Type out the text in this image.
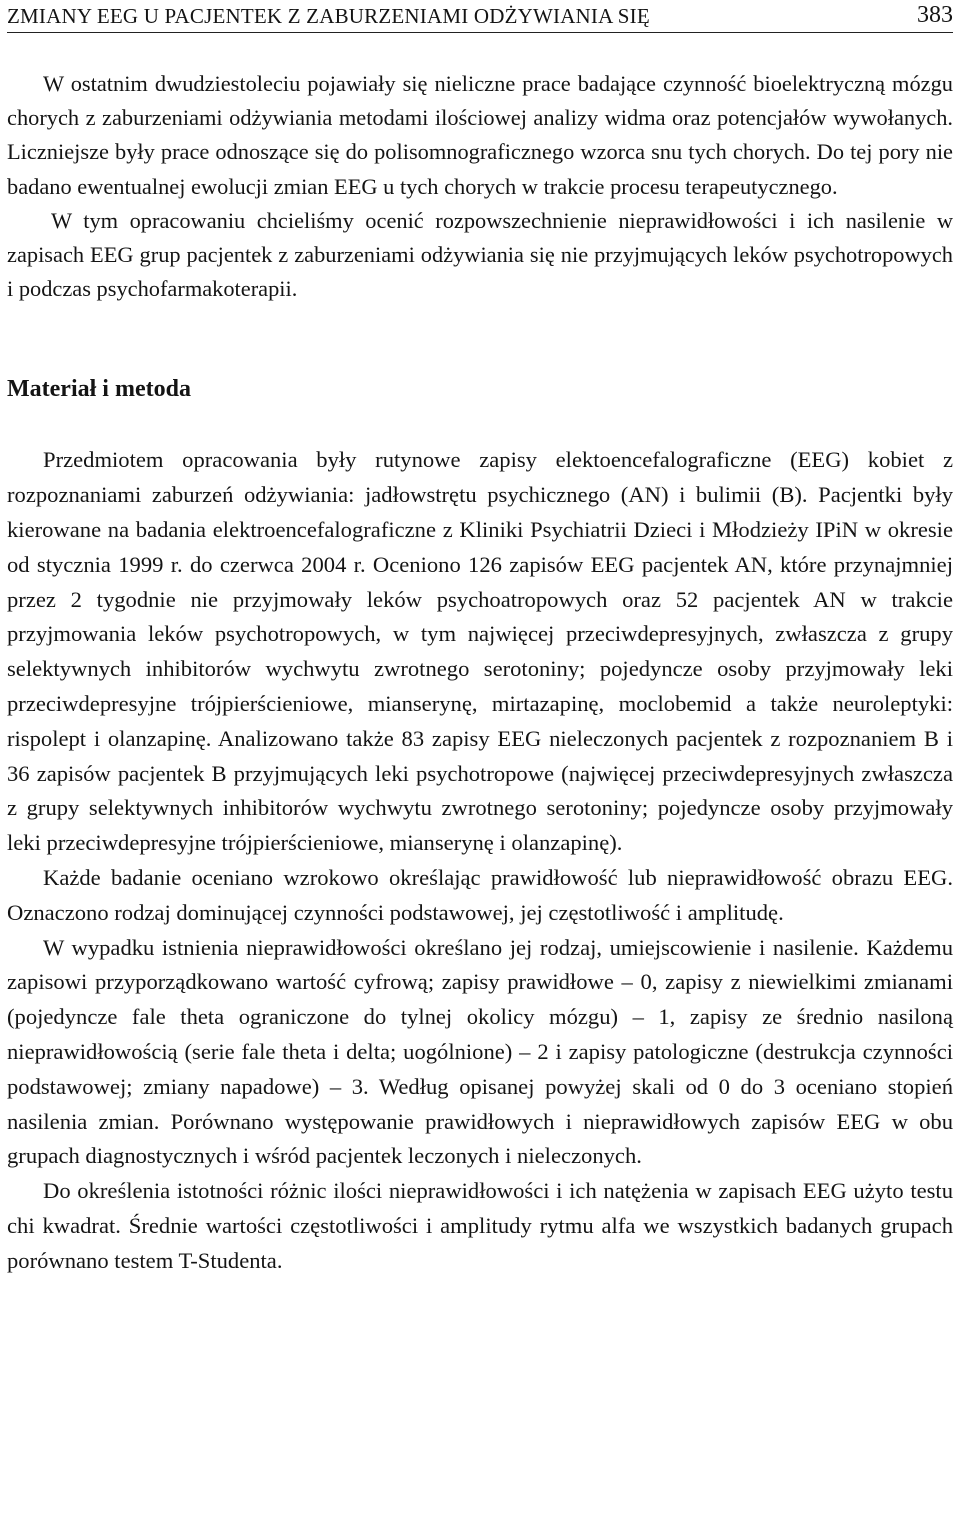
ZMIANY EEG U PACJENTEK Z ZABURZENIAMI ODŻYWIANIA SIĘ	383

W ostatnim dwudziestoleciu pojawiały się nieliczne prace badające czynność bioelektryczną mózgu chorych z zaburzeniami odżywiania metodami ilościowej analizy widma oraz potencjałów wywołanych. Liczniejsze były prace odnoszące się do polisomnograficznego wzorca snu tych chorych. Do tej pory nie badano ewentualnej ewolucji zmian EEG u tych chorych w trakcie procesu terapeutycznego.

W tym opracowaniu chcieliśmy ocenić rozpowszechnienie nieprawidłowości i ich nasilenie w zapisach EEG grup pacjentek z zaburzeniami odżywiania się nie przyjmujących leków psychotropowych i podczas psychofarmakoterapii.

Materiał i metoda

Przedmiotem opracowania były rutynowe zapisy elektoencefalograficzne (EEG) kobiet z rozpoznaniami zaburzeń odżywiania: jadłowstrętu psychicznego (AN) i bulimii (B). Pacjentki były kierowane na badania elektroencefalograficzne z Kliniki Psychiatrii Dzieci i Młodzieży IPiN w okresie od stycznia 1999 r. do czerwca 2004 r. Oceniono 126 zapisów EEG pacjentek AN, które przynajmniej przez 2 tygodnie nie przyjmowały leków psychoatropowych oraz 52 pacjentek AN w trakcie przyjmowania leków psychotropowych, w tym najwięcej przeciwdepresyjnych, zwłaszcza z grupy selektywnych inhibitorów wychwytu zwrotnego serotoniny; pojedyncze osoby przyjmowały leki przeciwdepresyjne trójpierścieniowe, mianserynę, mirtazapinę, moclobemid a także neuroleptyki: rispolept i olanzapinę. Analizowano także 83 zapisy EEG nieleczonych pacjentek z rozpoznaniem B i 36 zapisów pacjentek B przyjmujących leki psychotropowe (najwięcej przeciwdepresyjnych zwłaszcza z grupy selektywnych inhibitorów wychwytu zwrotnego serotoniny; pojedyncze osoby przyjmowały leki przeciwdepresyjne trójpierścieniowe, mianserynę i olanzapinę).

Każde badanie oceniano wzrokowo określając prawidłowość lub nieprawidłowość obrazu EEG. Oznaczono rodzaj dominującej czynności podstawowej, jej częstotliwość i amplitudę.

W wypadku istnienia nieprawidłowości określano jej rodzaj, umiejscowienie i nasilenie. Każdemu zapisowi przyporządkowano wartość cyfrową; zapisy prawidłowe – 0, zapisy z niewielkimi zmianami (pojedyncze fale theta ograniczone do tylnej okolicy mózgu) – 1, zapisy ze średnio nasiloną nieprawidłowością (serie fale theta i delta; uogólnione) – 2 i zapisy patologiczne (destrukcja czynności podstawowej; zmiany napadowe) – 3. Według opisanej powyżej skali od 0 do 3 oceniano stopień nasilenia zmian. Porównano występowanie prawidłowych i nieprawidłowych zapisów EEG w obu grupach diagnostycznych i wśród pacjentek leczonych i nieleczonych.

Do określenia istotności różnic ilości nieprawidłowości i ich natężenia w zapisach EEG użyto testu chi kwadrat. Średnie wartości częstotliwości i amplitudy rytmu alfa we wszystkich badanych grupach porównano testem T-Studenta.
